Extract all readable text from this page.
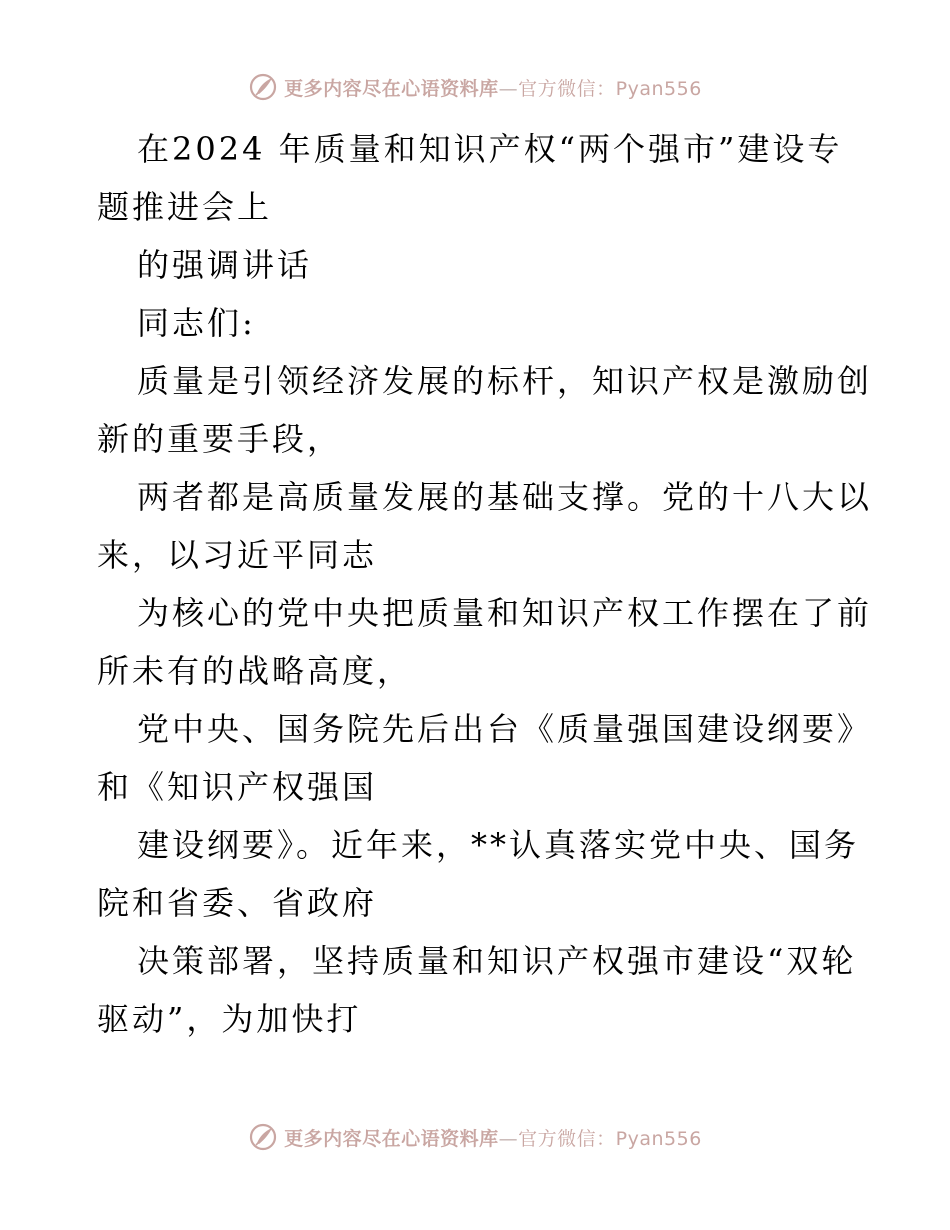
更多内容尽在心语资料库—官方微信：Pyan556
在2024 年质量和知识产权“两个强市”建设专
题推进会上
的强调讲话
同志们:
质量是引领经济发展的标杆，知识产权是激励创
新的重要手段，
两者都是高质量发展的基础支撑。党的十八大以
来，以习近平同志
为核心的党中央把质量和知识产权工作摆在了前
所未有的战略高度，
党中央、国务院先后出台《质量强国建设纲要》
和《知识产权强国
建设纲要》。近年来，**认真落实党中央、国务
院和省委、省政府
决策部署，坚持质量和知识产权强市建设“双轮
驱动”，为加快打
更多内容尽在心语资料库—官方微信：Pyan556
